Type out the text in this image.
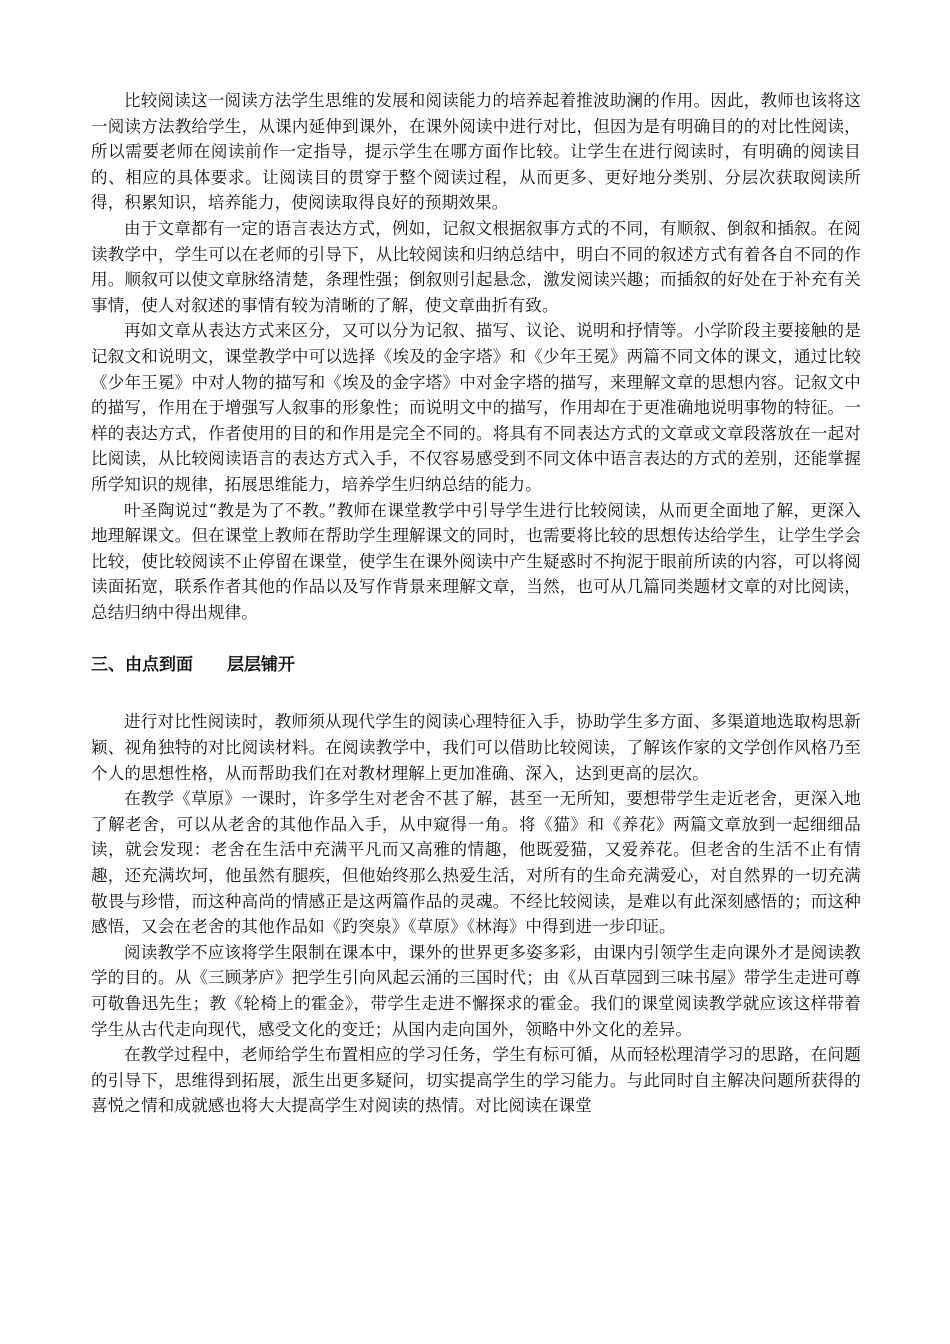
比较阅读这一阅读方法学生思维的发展和阅读能力的培养起着推波助澜的作用。因此，教师也该将这一阅读方法教给学生，从课内延伸到课外，在课外阅读中进行对比，但因为是有明确目的的对比性阅读，所以需要老师在阅读前作一定指导，提示学生在哪方面作比较。让学生在进行阅读时，有明确的阅读目的、相应的具体要求。让阅读目的贯穿于整个阅读过程，从而更多、更好地分类别、分层次获取阅读所得，积累知识，培养能力，使阅读取得良好的预期效果。

由于文章都有一定的语言表达方式，例如，记叙文根据叙事方式的不同，有顺叙、倒叙和插叙。在阅读教学中，学生可以在老师的引导下，从比较阅读和归纳总结中，明白不同的叙述方式有着各自不同的作用。顺叙可以使文章脉络清楚，条理性强；倒叙则引起悬念，激发阅读兴趣；而插叙的好处在于补充有关事情，使人对叙述的事情有较为清晰的了解，使文章曲折有致。

再如文章从表达方式来区分，又可以分为记叙、描写、议论、说明和抒情等。小学阶段主要接触的是记叙文和说明文，课堂教学中可以选择《埃及的金字塔》和《少年王冕》两篇不同文体的课文，通过比较《少年王冕》中对人物的描写和《埃及的金字塔》中对金字塔的描写，来理解文章的思想内容。记叙文中的描写，作用在于增强写人叙事的形象性；而说明文中的描写，作用却在于更准确地说明事物的特征。一样的表达方式，作者使用的目的和作用是完全不同的。将具有不同表达方式的文章或文章段落放在一起对比阅读，从比较阅读语言的表达方式入手，不仅容易感受到不同文体中语言表达的方式的差别，还能掌握所学知识的规律，拓展思维能力，培养学生归纳总结的能力。

叶圣陶说过“教是为了不教。”教师在课堂教学中引导学生进行比较阅读，从而更全面地了解，更深入地理解课文。但在课堂上教师在帮助学生理解课文的同时，也需要将比较的思想传达给学生，让学生学会比较，使比较阅读不止停留在课堂，使学生在课外阅读中产生疑惑时不拘泥于眼前所读的内容，可以将阅读面拓宽，联系作者其他的作品以及写作背景来理解文章，当然，也可从几篇同类题材文章的对比阅读，总结归纳中得出规律。

三、由点到面　　层层铺开

进行对比性阅读时，教师须从现代学生的阅读心理特征入手，协助学生多方面、多渠道地选取构思新颖、视角独特的对比阅读材料。在阅读教学中，我们可以借助比较阅读，了解该作家的文学创作风格乃至个人的思想性格，从而帮助我们在对教材理解上更加准确、深入，达到更高的层次。

在教学《草原》一课时，许多学生对老舍不甚了解，甚至一无所知，要想带学生走近老舍，更深入地了解老舍，可以从老舍的其他作品入手，从中窥得一角。将《猫》和《养花》两篇文章放到一起细细品读，就会发现：老舍在生活中充满平凡而又高雅的情趣，他既爱猫，又爱养花。但老舍的生活不止有情趣，还充满坎坷，他虽然有腿疾，但他始终那么热爱生活，对所有的生命充满爱心，对自然界的一切充满敬畏与珍惜，而这种高尚的情感正是这两篇作品的灵魂。不经比较阅读，是难以有此深刻感悟的；而这种感悟，又会在老舍的其他作品如《趵突泉》《草原》《林海》中得到进一步印证。

阅读教学不应该将学生限制在课本中，课外的世界更多姿多彩，由课内引领学生走向课外才是阅读教学的目的。从《三顾茅庐》把学生引向风起云涌的三国时代；由《从百草园到三味书屋》带学生走进可尊可敬鲁迅先生；教《轮椅上的霍金》，带学生走进不懈探求的霍金。我们的课堂阅读教学就应该这样带着学生从古代走向现代，感受文化的变迁；从国内走向国外，领略中外文化的差异。

在教学过程中，老师给学生布置相应的学习任务，学生有标可循，从而轻松理清学习的思路，在问题的引导下，思维得到拓展，派生出更多疑问，切实提高学生的学习能力。与此同时自主解决问题所获得的喜悦之情和成就感也将大大提高学生对阅读的热情。对比阅读在课堂
